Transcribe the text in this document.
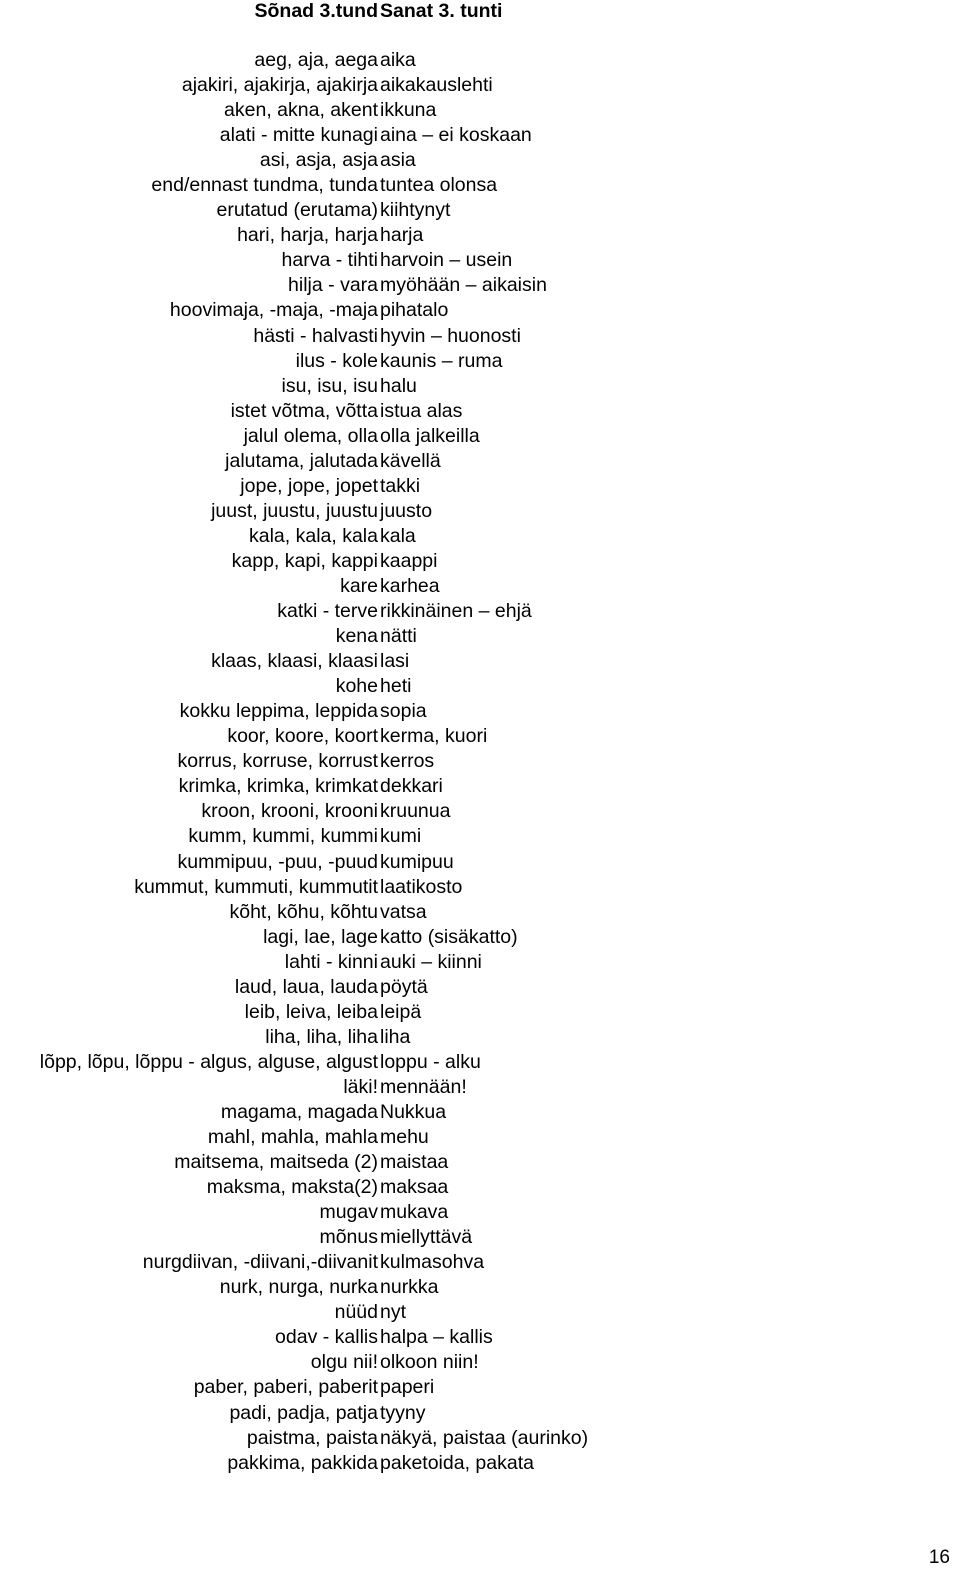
Sõnad 3.tund Sanat 3. tunti
aeg, aja, aega aika
ajakiri, ajakirja, ajakirja aikakauslehti
aken, akna, akent ikkuna
alati - mitte kunagi aina – ei koskaan
asi, asja, asja asia
end/ennast tundma, tunda tuntea olonsa
erutatud (erutama) kiihtynyt
hari, harja, harja harja
harva - tihti harvoin – usein
hilja - vara myöhään – aikaisin
hoovimaja, -maja, -maja pihatalo
hästi - halvasti hyvin – huonosti
ilus - kole kaunis – ruma
isu, isu, isu halu
istet võtma, võtta istua alas
jalul olema, olla olla jalkeilla
jalutama, jalutada kävellä
jope, jope, jopet takki
juust, juustu, juustu juusto
kala, kala, kala kala
kapp, kapi, kappi kaappi
kare karhea
katki - terve rikkinäinen – ehjä
kena nätti
klaas, klaasi, klaasi lasi
kohe heti
kokku leppima, leppida sopia
koor, koore, koort kerma, kuori
korrus, korruse, korrust kerros
krimka, krimka, krimkat dekkari
kroon, krooni, krooni kruunua
kumm, kummi, kummi kumi
kummipuu, -puu, -puud kumipuu
kummut, kummuti, kummutit laatikosto
kõht, kõhu, kõhtu vatsa
lagi, lae, lage katto (sisäkatto)
lahti - kinni auki – kiinni
laud, laua, lauda pöytä
leib, leiva, leiba leipä
liha, liha, liha liha
lõpp, lõpu, lõppu - algus, alguse, algust loppu - alku
läki! mennään!
magama, magada Nukkua
mahl, mahla, mahla mehu
maitsema, maitseda (2) maistaa
maksma, maksta(2) maksaa
mugav mukava
mõnus miellyttävä
nurgdiivan, -diivani,-diivanit kulmasohva
nurk, nurga, nurka nurkka
nüüd nyt
odav - kallis halpa – kallis
olgu nii! olkoon niin!
paber, paberi, paberit paperi
padi, padja, patja tyyny
paistma, paista näkyä, paistaa (aurinko)
pakkima, pakkida paketoida, pakata
16
